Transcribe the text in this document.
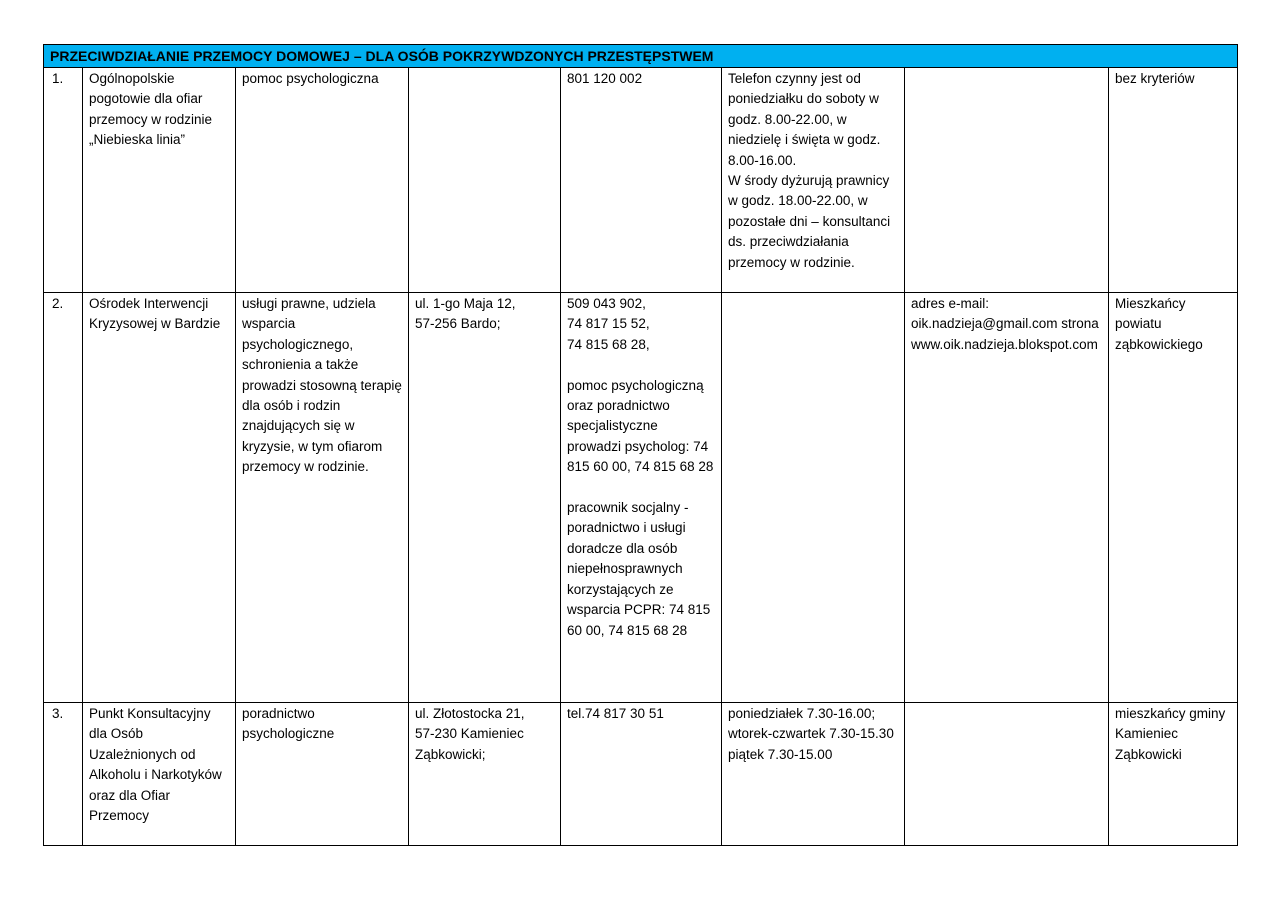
PRZECIWDZIAŁANIE PRZEMOCY DOMOWEJ – DLA OSÓB POKRZYWDZONYCH PRZESTĘPSTWEM							
1.	Ogólnopolskie pogotowie dla ofiar przemocy w rodzinie „Niebieska linia”	pomoc psychologiczna		801 120 002	Telefon czynny jest od poniedziałku do soboty w godz. 8.00-22.00, w niedzielę i święta w godz. 8.00-16.00.
W środy dyżurują prawnicy w godz. 18.00-22.00, w pozostałe dni – konsultanci ds. przeciwdziałania przemocy w rodzinie.		bez kryteriów
2.	Ośrodek Interwencji Kryzysowej w Bardzie	usługi prawne, udziela wsparcia psychologicznego, schronienia a także prowadzi stosowną terapię dla osób i rodzin znajdujących się w kryzysie, w tym ofiarom przemocy w rodzinie.	ul. 1-go Maja 12,
57-256 Bardo;	509 043 902,
74 817 15 52,
74 815 68 28,

pomoc psychologiczną oraz poradnictwo specjalistyczne prowadzi psycholog: 74 815 60 00, 74 815 68 28

pracownik socjalny - poradnictwo i usługi doradcze dla osób niepełnosprawnych korzystających ze wsparcia PCPR: 74 815 60 00, 74 815 68 28		adres e-mail: oik.nadzieja@gmail.com strona www.oik.nadzieja.blokspot.com	Mieszkańcy powiatu ząbkowickiego
3.	Punkt Konsultacyjny dla Osób Uzależnionych od Alkoholu i Narkotyków oraz dla Ofiar Przemocy	poradnictwo psychologiczne	ul. Złotostocka 21,
57-230 Kamieniec Ząbkowicki;	tel.74 817 30 51	poniedziałek 7.30-16.00;
wtorek-czwartek 7.30-15.30
piątek 7.30-15.00		mieszkańcy gminy Kamieniec Ząbkowicki
